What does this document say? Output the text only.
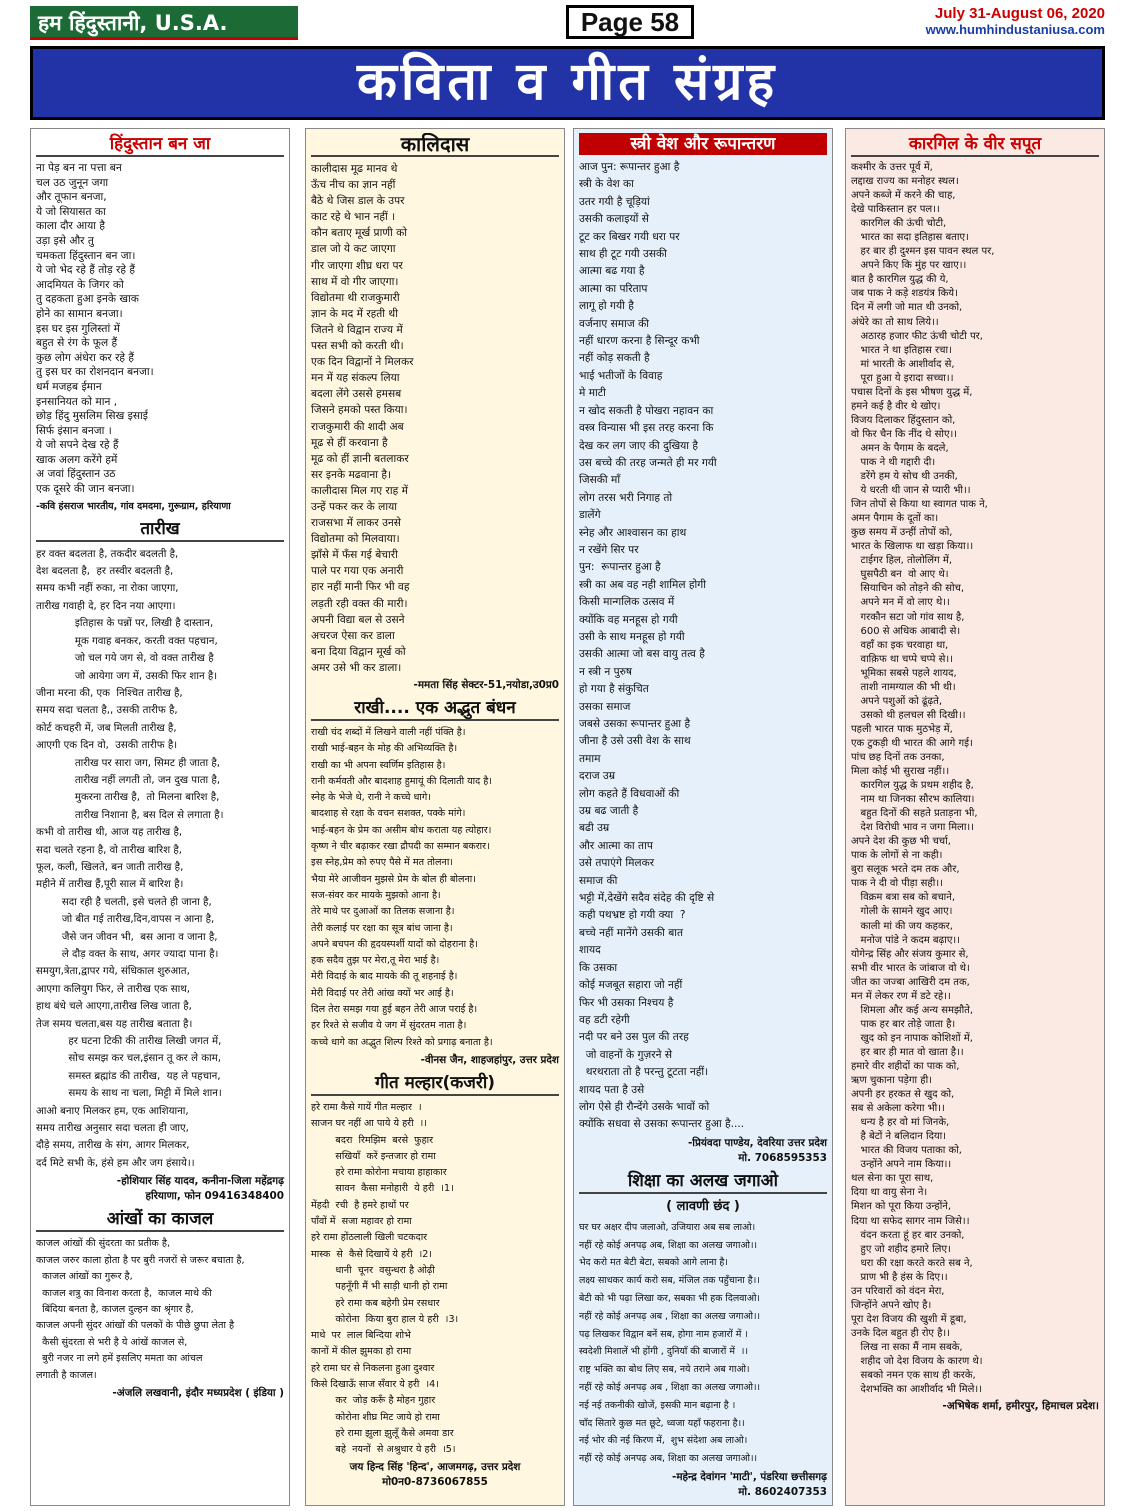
हम हिंदुस्तानी, U.S.A.	Page 58	July 31-August 06, 2020
www.humhindustaniusa.com
कविता व गीत संग्रह
हिंदुस्तान बन जा
ना पेड़ बन ना पत्ता बन
चल उठ जुनून जगा
और तूफान बनजा,
ये जो सियासत का
काला दौर आया है
उड़ा इसे और तु
चमकता हिंदुस्तान बन जा।
ये जो भेद रहे हैं तोड़ रहे हैं
आदमियत के जिगर को
तु दहकता हुआ इनके खाक
होने का सामान बनजा।
इस घर इस गुलिस्तां में
बहुत से रंग के फूल हैं
कुछ लोग अंधेरा कर रहे हैं
तु इस घर का रोशनदान बनजा।
धर्म मजहब ईमान
इनसानियत को मान ,
छोड़ हिंदु मुसलिम सिख इसाई
सिर्फ इंसान बनजा ।
ये जो सपने देख रहे हैं
खाक अलग करेंगे हमें
अ जवां हिंदुस्तान उठ
एक दूसरे की जान बनजा।
-कवि हंसराज भारतीय, गांव दमदमा, गुरूग्राम, हरियाणा
तारीख
हर वक्त बदलता है, तकदीर बदलती है,
देश बदलता है,  हर तस्वीर बदलती है,
समय कभी नहीं रुका, ना रोका जाएगा,
तारीख गवाही दे, हर दिन नया आएगा।
इतिहास के पन्नों पर, लिखी है दास्तान,
मूक गवाह बनकर, करती वक्त पहचान,
जो चल गये जग से, वो वक्त तारीख है
जो आयेगा जग में, उसकी फिर शान है।
जीना मरना की, एक  निश्चित तारीख है,
समय सदा चलता है,, उसकी तारीफ है,
कोर्ट कचहरी में, जब मिलती तारीख है,
आएगी एक दिन वो,  उसकी तारीफ है।
तारीख पर सारा जग, सिमट ही जाता है,
तारीख नहीं लगती तो, जन दुख पाता है,
मुकरना तारीख है,  तो मिलना बारिश है,
तारीख निशाना है, बस दिल से लगाता है।
कभी वो तारीख थी, आज यह तारीख है,
सदा चलते रहना है, वो तारीख बारिश है,
फूल, कली, खिलते, बन जाती तारीख है,
महीने में तारीख हैं,पूरी साल में बारिश है।
सदा रही है चलती, इसे चलते ही जाना है,
जो बीत गई तारीख,दिन,वापस न आना है,
जैसे जन जीवन भी,  बस आना व जाना है,
ले दौड़ वक्त के साथ, अगर ज्यादा पाना है।
समयुग,त्रेता,द्वापर गये, संधिकाल शुरुआत,
आएगा कलियुग फिर, ले तारीख एक साथ,
हाथ बंधे चले आएगा,तारीख लिख जाता है,
तेज समय चलता,बस यह तारीख बताता है।
हर घटना टिकी की तारीख लिखी जगत में,
सोच समझ कर चल,इंसान तू कर ले काम,
समस्त ब्रह्मांड की तारीख,  यह ले पहचान,
समय के साथ ना चला, मिट्टी में मिले शान।
आओ बनाए मिलकर हम, एक आशियाना,
समय तारीख अनुसार सदा चलता ही जाए,
दौड़े समय, तारीख के संग, आगर मिलकर,
दर्द मिटे सभी के, हंसे हम और जग हंसाये।।
-होशियार सिंह यादव, कनीना-जिला महेंद्रगढ़
हरियाणा, फोन 09416348400
आंखों का काजल
काजल आंखों की सुंदरता का प्रतीक है,
काजल जरुर काला होता है पर बुरी नजरों से जरूर बचाता है,
काजल आंखों का गुरूर है,
काजल शत्रु का विनाश करता है,  काजल माथे की
बिंदिया बनता है, काजल दुल्हन का श्रृंगार है,
काजल अपनी सुंदर आंखों की पलकों के पीछे छुपा लेता है
कैसी सुंदरता से भरी है ये आंखें काजल से,
बुरी नजर ना लगे हमें इसलिए ममता का आंचल
लगाती है काजल।
-अंजलि लखवानी, इंदौर मध्यप्रदेश ( इंडिया )
कालिदास
कालीदास मूढ मानव थे
ऊँच नीच का ज्ञान नहीं
बैठे थे जिस डाल के उपर
काट रहे थे भान नहीं ।
कौन बताए मूर्ख प्राणी को
डाल जो ये कट जाएगा
गीर जाएगा शीघ्र धरा पर
साथ में वो गीर जाएगा।
विद्योतमा थी राजकुमारी
ज्ञान के मद में रहती थी
जितने थे विद्वान राज्य में
पस्त सभी को करती थी।
एक दिन विद्वानों ने मिलकर
मन में यह संकल्प लिया
बदला लेंगे उससे हमसब
जिसने हमको पस्त किया।
राजकुमारी की शादी अब
मूढ से हीं करवाना है
मूढ को हीं ज्ञानी बतलाकर
सर इनके मढवाना है।
कालीदास मिल गए राह में
उन्हें पकर कर के लाया
राजसभा में लाकर उनसे
विद्योतमा को मिलवाया।
झाँसे में फँस गई बेचारी
पाले पर गया एक अनारी
हार नहीं मानी फिर भी वह
लड़ती रही वक्त की मारी।
अपनी विद्या बल से उसने
अचरज ऐसा कर डाला
बना दिया विद्वान मूर्ख को
अमर उसे भी कर डाला।
-ममता सिंह सेक्टर-51,नयोडा,उ0प्र0
राखी.... एक अद्भुत बंधन
राखी चंद शब्दों में लिखने वाली नहीं पंक्ति है।
राखी भाई-बहन के मोह की अभिव्यक्ति है।
राखी का भी अपना स्वर्णिम इतिहास है।
रानी कर्मवती और बादशाह हुमायूं की दिलाती याद है।
स्नेह के भेजे थे, रानी ने कच्चे धागे।
बादशाह से रक्षा के वचन सशक्त, पक्के मांगे।
भाई-बहन के प्रेम का असीम बोध कराता यह त्योहार।
कृष्ण ने चीर बढ़ाकर रखा द्रौपदी का सम्मान बकरार।
इस स्नेह,प्रेम को रुपए पैसे में मत तोलना।
भैया मेरे आजीवन मुझसे प्रेम के बोल ही बोलना।
सज-संवर कर मायके मुझको आना है।
तेरे माथे पर दुआओं का तिलक सजाना है।
तेरी कलाई पर रक्षा का सूत्र बांध जाना है।
अपने बचपन की हृदयस्पर्शी यादों को दोहराना है।
हक सदैव तुझ पर मेरा,तू मेरा भाई है।
मेरी विदाई के बाद मायके की तू शहनाई है।
मेरी विदाई पर तेरी आंख क्यों भर आई है।
दिल तेरा समझ गया हुई बहन तेरी आज पराई है।
हर रिश्ते से सजीव ये जग में सुंदरतम नाता है।
कच्चे धागे का अद्भुत शिल्प रिश्ते को प्रगाढ़ बनाता है।
-वीनस जैन, शाहजहांपुर, उत्तर प्रदेश
गीत मल्हार(कजरी)
हरे रामा कैसे गायें गीत मल्हार  ।
साजन घर नहीं आ पाये ये हरी  ।।
बदरा  रिमझिम  बरसे  फुहार
सखियाँ  करें इन्तजार हो रामा
हरे रामा कोरोना मचाया हाहाकार
सावन  कैसा मनोहारी  ये हरी  ।1।
मेंहदी  रची  है हमरे हाथों पर
पाँवों में  सजा महावर हो रामा
हरे रामा होंठलाली खिली चटकदार
मास्क  से  कैसे दिखायें ये हरी  ।2।
धानी  चूनर  वसुन्धरा है ओढ़ी
पहनूँगी मैं भी साड़ी धानी हो रामा
हरे रामा कब बहेगी प्रेम रसधार
कोरोना  किया बुरा हाल ये हरी  ।3।
माथे  पर  लाल बिन्दिया शोभे
कानों में कील झुमका हो रामा
हरे रामा घर से निकलना हुआ दुश्वार
किसे दिखाऊँ साज सँवार ये हरी  ।4।
कर  जोड़ करूँ है मोहन गुहार
कोरोना शीघ्र मिट जाये हो रामा
हरे रामा झुला झुलूँ कैसे अमवा डार
बहे  नयनों  से अश्रुधार ये हरी  ।5।
जय हिन्द सिंह 'हिन्द', आजमगढ़, उत्तर प्रदेश
मो0न0-8736067855
स्त्री वेश और रूपान्तरण
आज पुन: रूपान्तर हुआ है
स्त्री के वेश का
उतर गयी है चूड़ियां
उसकी कलाइयों से
टूट कर बिखर गयी धरा पर
साथ ही टूट गयी उसकी
आत्मा बढ गया है
आत्मा का परिताप
लागू हो गयी है
वर्जनाए समाज की
नहीं धारण करना है सिन्दूर कभी
नहीं कोड़ सकती है
भाई भतीजों के विवाह
मे माटी
न खोद सकती है पोखरा नहावन का
वस्त्र विन्यास भी इस तरह करना कि
देख कर लग जाए की दुखिया है
उस बच्चे की तरह जन्मते ही मर गयी
जिसकी माँ
लोग तरस भरी निगाह तो
डालेंगे
स्नेह और आश्वासन का हाथ
न रखेंगे सिर पर
पुन:  रूपान्तर हुआ है
स्त्री का अब वह नही शामिल होगी
किसी मान्गलिक उत्सव में
क्योंकि वह मनहूस हो गयी
उसी के साथ मनहूस हो गयी
उसकी आत्मा जो बस वायु तत्व है
न स्त्री न पुरुष
हो गया है संकुचित
उसका समाज
जबसे उसका रूपान्तर हुआ है
जीना है उसे उसी वेश के साथ
तमाम
दराज उम्र
लोग कहते हैं विधवाओं की
उम्र बढ जाती है
बढी उम्र
और आत्मा का ताप
उसे तपाएंगे मिलकर
समाज की
भट्टी में,देखेंगे सदैव संदेह की दृष्टि से
कही पथभ्रष्ट हो गयी क्या  ?
बच्चे नहीं मानेंगे उसकी बात
शायद
कि उसका
कोई मजबूत सहारा जो नहीं
फिर भी उसका निश्चय है
वह डटी रहेगी
नदी पर बने उस पुल की तरह
जो वाहनों के गुज़रने से
थरथराता तो है परन्तु टूटता नहीं।
शायद पता है उसे
लोग ऐसे ही रौन्देंगे उसके भावों को
क्योंकि सधवा से उसका रूपान्तर हुआ है....
-प्रियंवदा पाण्डेय, देवरिया उत्तर प्रदेश
मो. 7068595353
शिक्षा का अलख जगाओ
( लावणी छंद )
घर घर अक्षर दीप जलाओ, उजियारा अब सब लाओ।
नहीं रहे कोई अनपढ़ अब, शिक्षा का अलख जगाओ।।
भेद करो मत बेटी बेटा, सबको आगे लाना है।
लक्ष्य साधकर कार्य करो सब, मंजिल तक पहुँचाना है।।
बेटी को भी पढ़ा लिखा कर, सबका भी हक दिलवाओ।
नहीं रहे कोई अनपढ़ अब , शिक्षा का अलख जगाओ।।
पढ़ लिखकर विद्वान बनें सब, होगा नाम हजारों में ।
स्वदेशी मिशालें भी होंगी , दुनियाँ की बाजारों में  ।।
राष्ट्र भक्ति का बोध लिए सब, नये तराने अब गाओ।
नहीं रहे कोई अनपढ़ अब , शिक्षा का अलख जगाओ।।
नई नई तकनीकी खोजें, इसकी मान बढ़ाना है ।
चाँद सितारे कुछ मत छूटे, ध्वजा यहाँ फहराना है।।
नई भोर की नई किरण में,  शुभ संदेशा अब लाओ।
नहीं रहे कोई अनपढ़ अब, शिक्षा का अलख जगाओ।।
-महेन्द्र देवांगन 'माटी', पंडरिया छत्तीसगढ़
मो. 8602407353
कारगिल के वीर सपूत
कश्मीर के उत्तर पूर्व में,
लद्दाख राज्य का मनोहर स्थल।
अपने कब्जे में करने की चाह,
देखे पाकिस्तान हर पल।।
कारगिल की ऊंची चोटी,
भारत का सदा इतिहास बताए।
हर बार ही दुश्मन इस पावन स्थल पर,
अपने किए कि मुंह पर खाए।।
बात है कारगिल युद्ध की ये,
जब पाक ने कड़े शडयंत्र किये।
दिन में लगी जो मात थी उनको,
अंधेरे का तो साथ लिये।।
अठारह हजार फीट ऊंची चोटी पर,
भारत ने था इतिहास रचा।
मां भारती के आशीर्वाद से,
पूरा हुआ ये इरादा सच्चा।।
पचास दिनों के इस भीषण युद्ध में,
हमने कई है वीर थे खोए।
विजय दिलाकर हिंदुस्तान को,
वो फिर चैन कि नींद थे सोए।।
अमन के पैगाम के बदले,
पाक ने थी गद्दारी दी।
डरेंगे हम ये सोच थी उनकी,
ये धरती थी जान से प्यारी भी।।
जिन तोपों से किया था स्वागत पाक ने,
अमन पैगाम के दूतों का।
कुछ समय में उन्हीं तोपों को,
भारत के खिलाफ था खड़ा किया।।
टाईगर हिल, तोलोलिंग में,
घुसपैठी बन  वो आए थे।
सियाचिन को तोड़ने की सोच,
अपने मन में वो लाए थे।।
गरकौन सटा जो गांव साथ है,
600 से अधिक आबादी से।
वहाँ का इक चरवाहा था,
वाक़िफ था चप्पे चप्पे से।।
भूमिका सबसे पहले शायद,
ताशी नामग्याल की भी थी।
अपने पशुओं को ढूंढ़ते,
उसको थी हलचल सी दिखी।।
पहली भारत पाक मुठभेड़ में,
एक टुकड़ी थी भारत की आगे गई।
पांच छह दिनों तक उनका,
मिला कोई भी सुराख नहीं।।
कारगिल युद्ध के प्रथम शहीद है,
नाम था जिनका सौरभ कालिया।
बहुत दिनों की सहते प्रताड़ना भी,
देश विरोधी भाव न जगा मिला।।
अपने देश की कुछ भी चर्चा,
पाक के लोगों से ना कही।
बुरा सलूक भरते दम तक और,
पाक ने दी वो पीड़ा सही।।
विक्रम बत्रा सब को बचाने,
गोली के सामने खुद आए।
काली मां की जय कहकर,
मनोज पांडे ने कदम बढ़ाए।।
योगेन्द्र सिंह और संजय कुमार से,
सभी वीर भारत के जांबाज वो थे।
जीत का जज्बा आखिरी दम तक,
मन में लेकर रण में डटे रहे।।
शिमला और कई अन्य समझौते,
पाक हर बार तोड़े जाता है।
खुद को इन नापाक कोशिशों में,
हर बार ही मात वो खाता है।।
हमारे वीर शहीदों का पाक को,
ऋण चुकाना पड़ेगा ही।
अपनी हर हरकत से खुद को,
सब से अकेला करेगा भी।।
धन्य है हर वो मां जिनके,
है बेटों ने बलिदान दिया।
भारत की विजय पताका को,
उन्होंने अपने नाम किया।।
थल सेना का पूरा साथ,
दिया था वायु सेना ने।
मिशन को पूरा किया उन्होंने,
दिया था सफेद सागर नाम जिसे।।
वंदन करता हूं हर बार उनको,
हुए जो शहीद हमारे लिए।
धरा की रक्षा करते करते सब ने,
प्राण भी है हंस के दिए।।
उन परिवारों को वंदन मेरा,
जिन्होंने अपने खोए है।
पूरा देश विजय की खुशी में डूबा,
उनके दिल बहुत ही रोए है।।
लिख ना सका मैं नाम सबके,
शहीद जो देश विजय के कारण थे।
सबको नमन एक साथ ही करके,
देशभक्ति का आशीर्वाद भी मिले।।
-अभिषेक शर्मा, हमीरपुर, हिमाचल प्रदेश।
